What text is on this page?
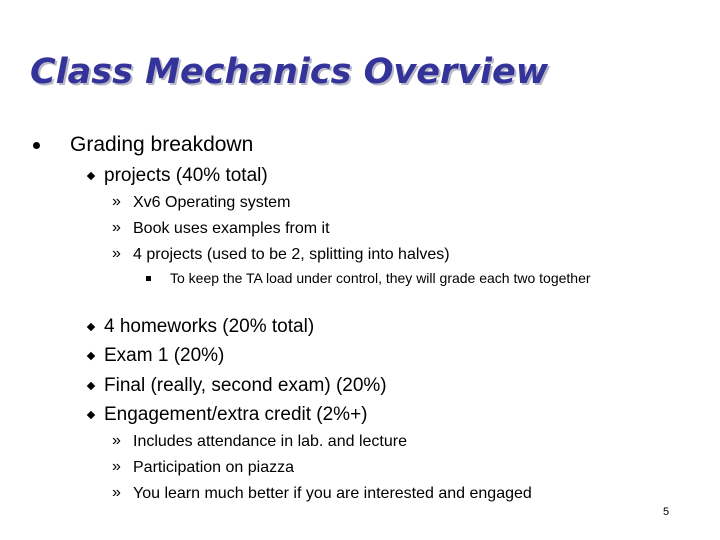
Class Mechanics Overview
Grading breakdown
projects (40% total)
» Xv6 Operating system
» Book uses examples from it
» 4 projects (used to be 2, splitting into halves)
To keep the TA load under control, they will grade each two together
4 homeworks (20% total)
Exam 1 (20%)
Final (really, second exam) (20%)
Engagement/extra credit (2%+)
» Includes attendance in lab. and lecture
» Participation on piazza
» You learn much better if you are interested and engaged
5
